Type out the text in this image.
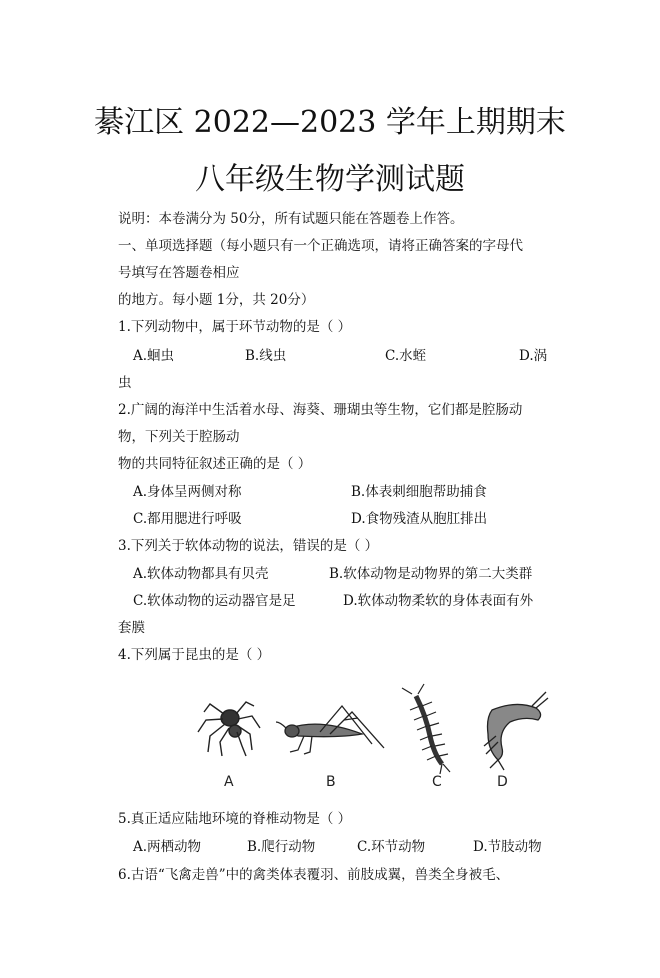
綦江区 2022—2023 学年上期期末
八年级生物学测试题
说明：本卷满分为 50分，所有试题只能在答题卷上作答。
一、单项选择题（每小题只有一个正确选项，请将正确答案的字母代
号填写在答题卷相应
的地方。每小题 1分，共 20分）
1.下列动物中，属于环节动物的是（ ）
A.蛔虫	B.线虫	C.水蛭	D.涡
虫
2.广阔的海洋中生活着水母、海葵、珊瑚虫等生物，它们都是腔肠动
物，下列关于腔肠动
物的共同特征叙述正确的是（ ）
A.身体呈两侧对称	B.体表刺细胞帮助捕食
C.都用腮进行呼吸	D.食物残渣从胞肛排出
3.下列关于软体动物的说法，错误的是（ ）
A.软体动物都具有贝壳	B.软体动物是动物界的第二大类群
C.软体动物的运动器官是足	D.软体动物柔软的身体表面有外
套膜
4.下列属于昆虫的是（ ）
A	B	C	D
5.真正适应陆地环境的脊椎动物是（ ）
A.两栖动物	B.爬行动物	C.环节动物	D.节肢动物
6.古语“飞禽走兽”中的禽类体表覆羽、前肢成翼，兽类全身被毛、
